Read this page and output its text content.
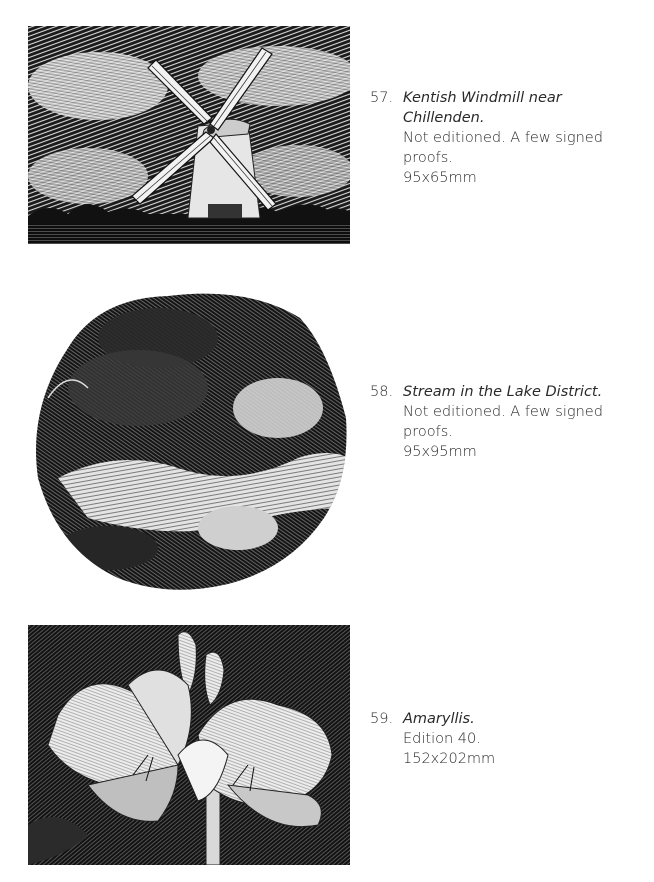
57. Kentish Windmill near Chillenden.
Not editioned. A few signed
proofs.
95x65mm
58. Stream in the Lake District.
Not editioned. A few signed
proofs.
95x95mm
59. Amaryllis.
Edition 40.
152x202mm
